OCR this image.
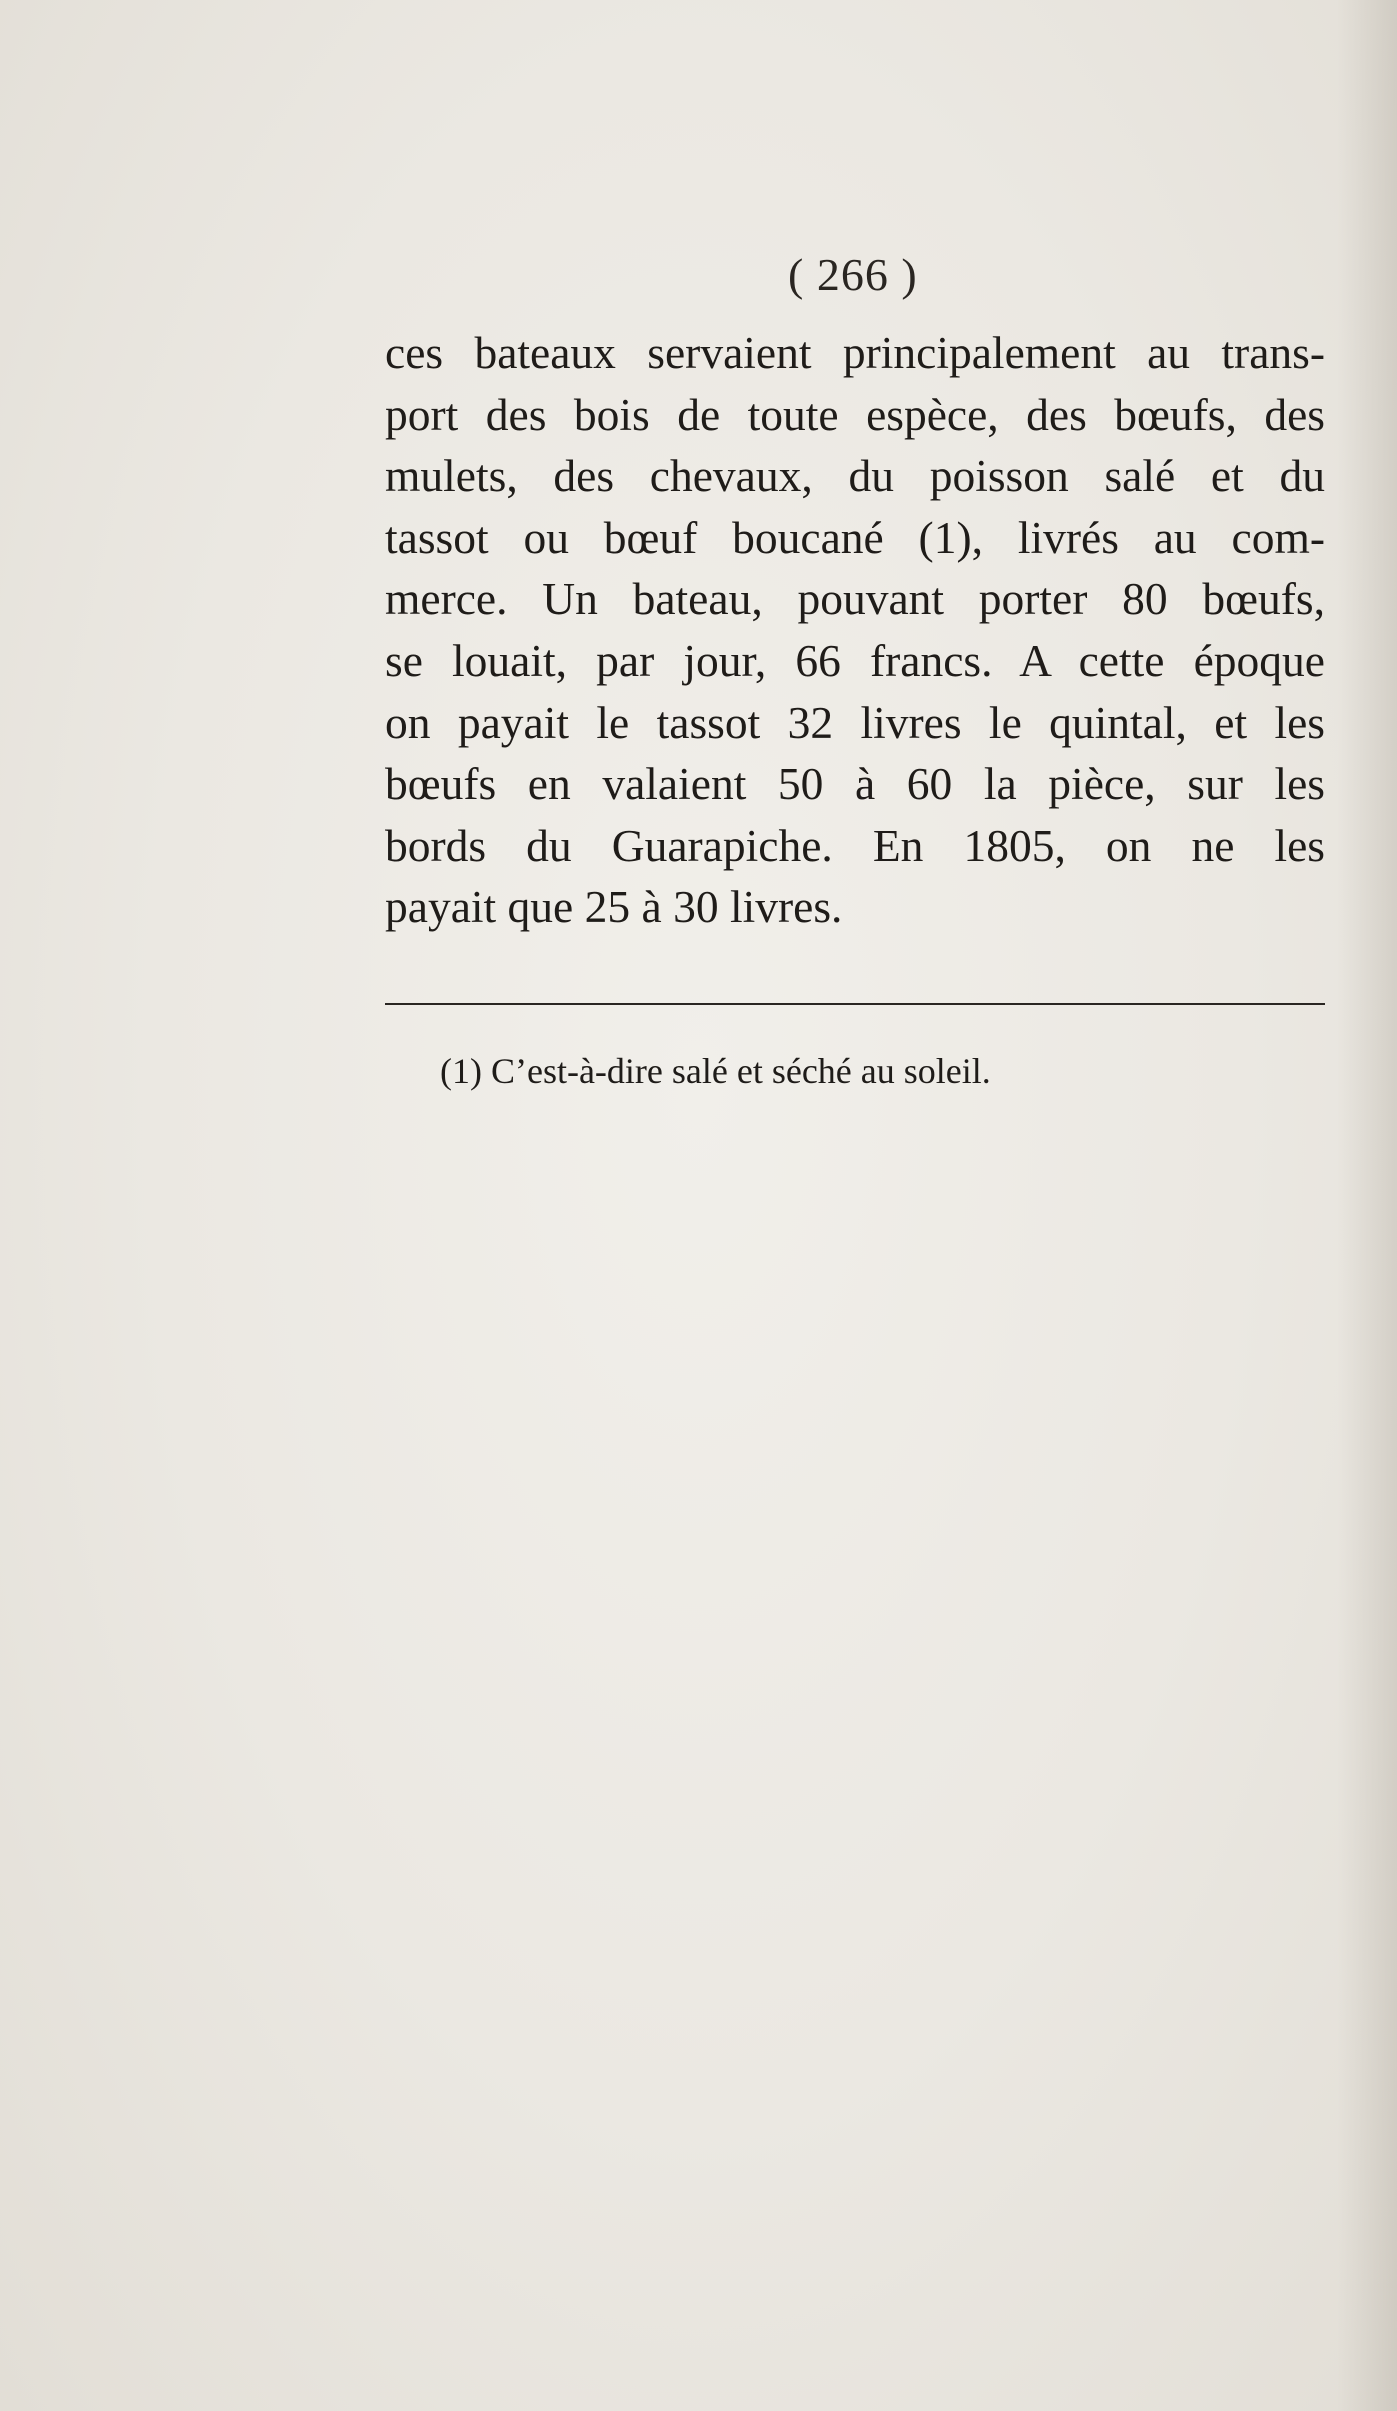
( 266 )
ces bateaux servaient principalement au trans-
port des bois de toute espèce, des bœufs, des
mulets, des chevaux, du poisson salé et du
tassot ou bœuf boucané (1), livrés au com-
merce. Un bateau, pouvant porter 80 bœufs,
se louait, par jour, 66 francs. A cette époque
on payait le tassot 32 livres le quintal, et les
bœufs en valaient 50 à 60 la pièce, sur les
bords du Guarapiche. En 1805, on ne les
payait que 25 à 30 livres.
(1) C’est-à-dire salé et séché au soleil.
